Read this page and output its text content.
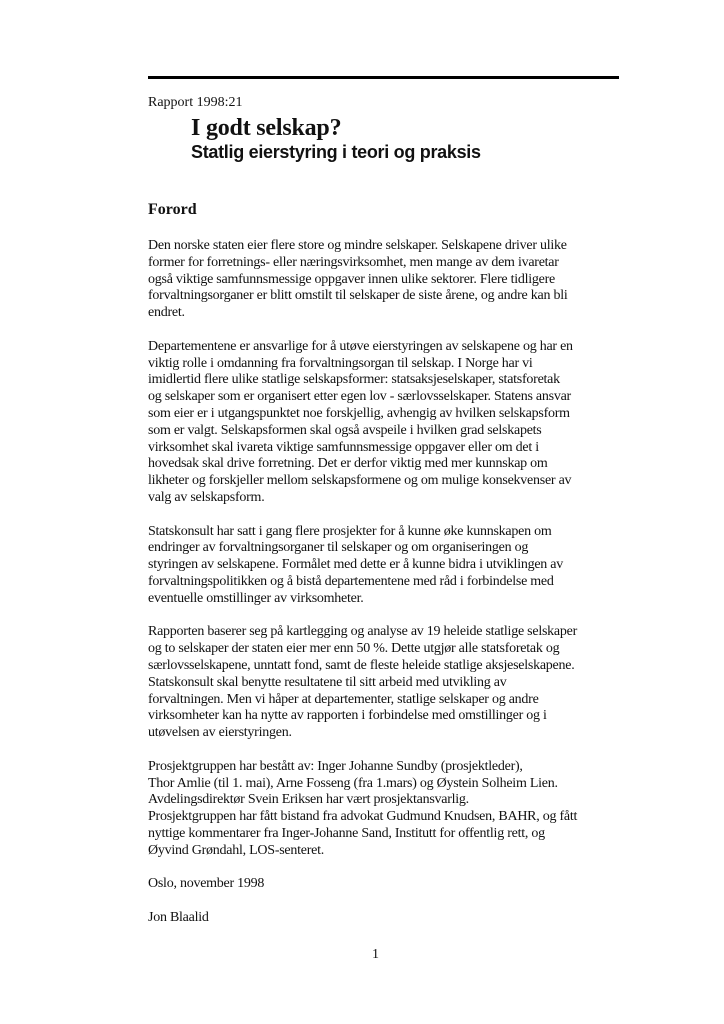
Rapport 1998:21
I godt selskap?
Statlig eierstyring i teori og praksis
Forord

Den norske staten eier flere store og mindre selskaper. Selskapene driver ulike
former for forretnings- eller næringsvirksomhet, men mange av dem ivaretar
også viktige samfunnsmessige oppgaver innen ulike sektorer. Flere tidligere
forvaltningsorganer er blitt omstilt til selskaper de siste årene, og andre kan bli
endret.

Departementene er ansvarlige for å utøve eierstyringen av selskapene og har en
viktig rolle i omdanning fra forvaltningsorgan til selskap. I Norge har vi
imidlertid flere ulike statlige selskapsformer: statsaksjeselskaper, statsforetak
og selskaper som er organisert etter egen lov - særlovsselskaper. Statens ansvar
som eier er i utgangspunktet noe forskjellig, avhengig av hvilken selskapsform
som er valgt. Selskapsformen skal også avspeile i hvilken grad selskapets
virksomhet skal ivareta viktige samfunnsmessige oppgaver eller om det i
hovedsak skal drive forretning. Det er derfor viktig med mer kunnskap om
likheter og forskjeller mellom selskapsformene og om mulige konsekvenser av
valg av selskapsform.

Statskonsult har satt i gang flere prosjekter for å kunne øke kunnskapen om
endringer av forvaltningsorganer til selskaper og om organiseringen og
styringen av selskapene. Formålet med dette er å kunne bidra i utviklingen av
forvaltningspolitikken og å bistå departementene med råd i forbindelse med
eventuelle omstillinger av virksomheter.

Rapporten baserer seg på kartlegging og analyse av 19 heleide statlige selskaper
og to selskaper der staten eier mer enn 50 %. Dette utgjør alle statsforetak og
særlovsselskapene, unntatt fond, samt de fleste heleide statlige aksjeselskapene.
Statskonsult skal benytte resultatene til sitt arbeid med utvikling av
forvaltningen. Men vi håper at departementer, statlige selskaper og andre
virksomheter kan ha nytte av rapporten i forbindelse med omstillinger og i
utøvelsen av eierstyringen.

Prosjektgruppen har bestått av: Inger Johanne Sundby (prosjektleder),
Thor Amlie (til 1. mai), Arne Fosseng (fra 1.mars) og Øystein Solheim Lien.
Avdelingsdirektør Svein Eriksen har vært prosjektansvarlig.
Prosjektgruppen har fått bistand fra advokat Gudmund Knudsen, BAHR, og fått
nyttige kommentarer fra Inger-Johanne Sand, Institutt for offentlig rett, og
Øyvind Grøndahl, LOS-senteret.

Oslo, november 1998

Jon Blaalid

1
